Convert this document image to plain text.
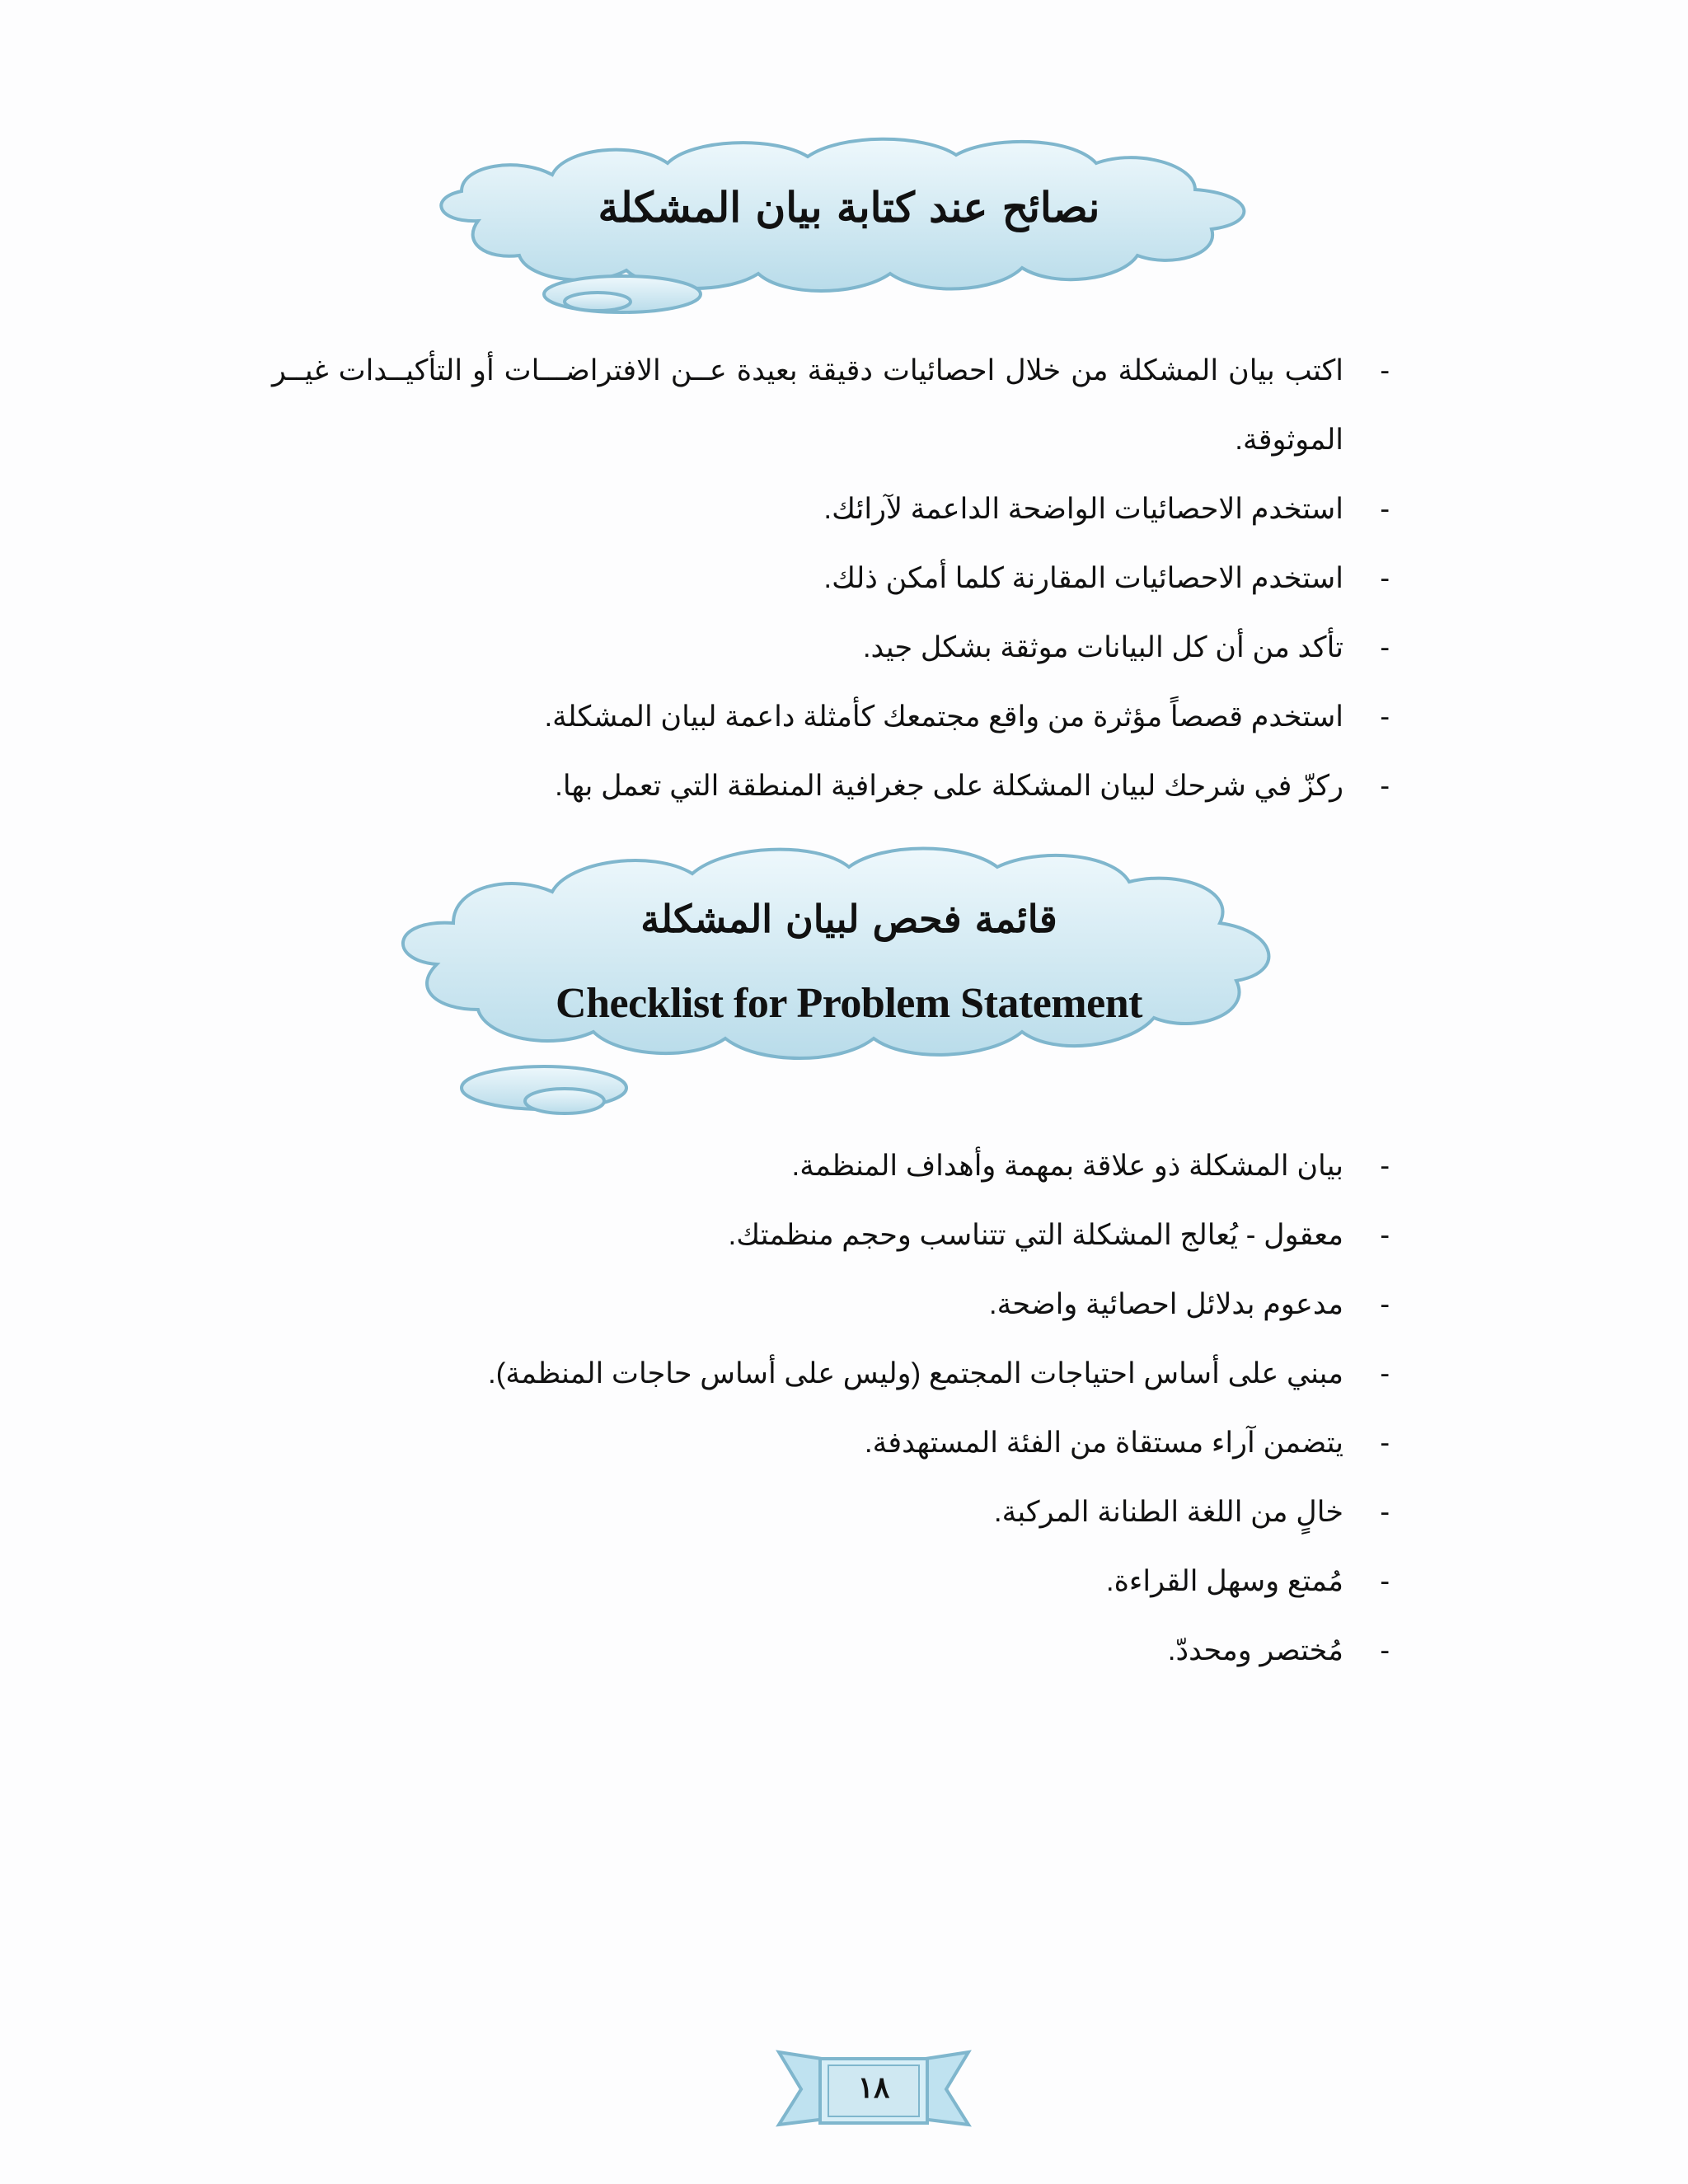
نصائح عند كتابة بيان المشكلة
-
اكتب بيان المشكلة من خلال احصائيات دقيقة بعيدة عــن الافتراضـــات أو التأكيــدات غيــر الموثوقة.
-
استخدم الاحصائيات الواضحة الداعمة لآرائك.
-
استخدم الاحصائيات المقارنة كلما أمكن ذلك.
-
تأكد من أن كل البيانات موثقة بشكل جيد.
-
استخدم قصصاً مؤثرة من واقع مجتمعك كأمثلة داعمة لبيان المشكلة.
-
ركزّ في شرحك لبيان المشكلة على جغرافية المنطقة التي تعمل بها.
قائمة فحص لبيان المشكلة
Checklist for Problem Statement
-
بيان المشكلة ذو علاقة بمهمة وأهداف المنظمة.
-
معقول - يُعالج المشكلة التي تتناسب وحجم منظمتك.
-
مدعوم بدلائل احصائية واضحة.
-
مبني على أساس احتياجات المجتمع (وليس على أساس حاجات المنظمة).
-
يتضمن آراء مستقاة من الفئة المستهدفة.
-
خالٍ من اللغة الطنانة المركبة.
-
مُمتع وسهل القراءة.
-
مُختصر ومحددّ.
١٨
